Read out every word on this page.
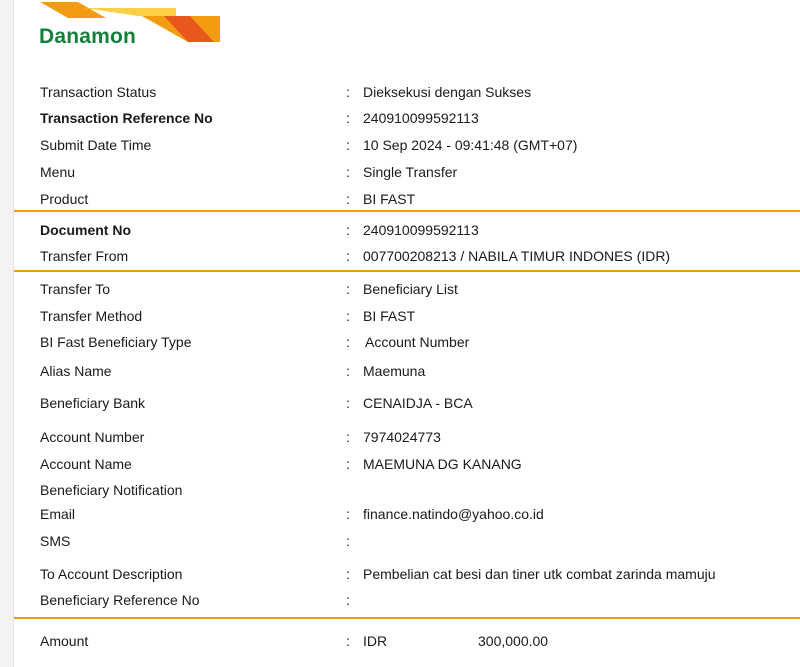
Danamon
Transaction Status	: Dieksekusi dengan Sukses
Transaction Reference No	: 240910099592113
Submit Date Time	: 10 Sep 2024 - 09:41:48 (GMT+07)
Menu	: Single Transfer
Product	: BI FAST
Document No	: 240910099592113
Transfer From	: 007700208213 / NABILA TIMUR INDONES (IDR)
Transfer To	: Beneficiary List
Transfer Method	: BI FAST
BI Fast Beneficiary Type	: Account Number
Alias Name	: Maemuna
Beneficiary Bank	: CENAIDJA - BCA
Account Number	: 7974024773
Account Name	: MAEMUNA DG KANANG
Beneficiary Notification
Email	: finance.natindo@yahoo.co.id
SMS	:
To Account Description	: Pembelian cat besi dan tiner utk combat zarinda mamuju
Beneficiary Reference No	:
Amount	: IDR	300,000.00
